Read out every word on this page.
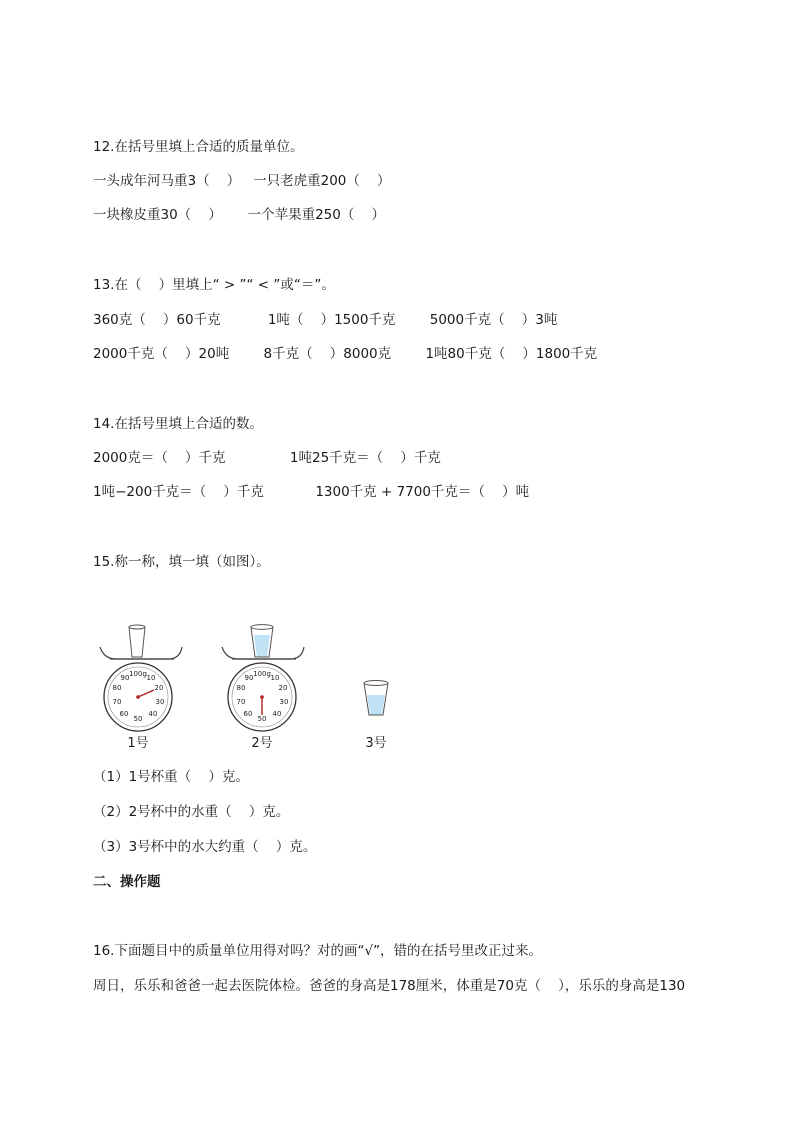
12.在括号里填上合适的质量单位。
一头成年河马重3（    ）   一只老虎重200（    ）
一块橡皮重30（    ）      一个苹果重250（    ）
13.在（    ）里填上“ > ”“ < ”或“＝”。
360克（    ）60千克           1吨（    ）1500千克        5000千克（    ）3吨
2000千克（    ）20吨        8千克（    ）8000克        1吨80千克（    ）1800千克
14.在括号里填上合适的数。
2000克＝（    ）千克               1吨25千克＝（    ）千克
1吨−200千克＝（    ）千克            1300千克 + 7700千克＝（    ）吨
15.称一称，填一填（如图）。
100g 10
20
30
40
50
60
70
80
90	100g 10
20
30
40
50
60
70
80
90
1号	2号	3号
（1）1号杯重（    ）克。
（2）2号杯中的水重（    ）克。
（3）3号杯中的水大约重（    ）克。
二、操作题
16.下面题目中的质量单位用得对吗？对的画“√”，错的在括号里改正过来。
周日，乐乐和爸爸一起去医院体检。爸爸的身高是178厘米，体重是70克（    ），乐乐的身高是130
